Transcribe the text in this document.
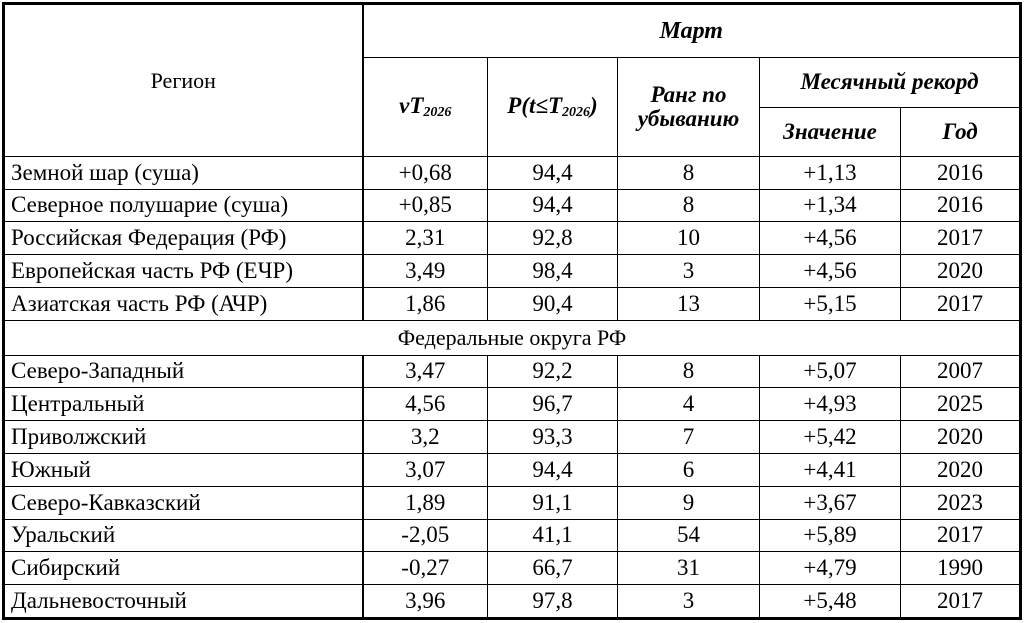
Регион	Март				
	$vT_{2026}$	$P(t\le T_{2026})$	Ранг по убыванию	Месячный рекорд	
				Значение	Год
Земной шар (суша)	+0,68	94,4	8	+1,13	2016
Северное полушарие (суша)	+0,85	94,4	8	+1,34	2016
Российская Федерация (РФ)	2,31	92,8	10	+4,56	2017
Европейская часть РФ (ЕЧР)	3,49	98,4	3	+4,56	2020
Азиатская часть РФ (АЧР)	1,86	90,4	13	+5,15	2017
Федеральные округа РФ					
Северо-Западный	3,47	92,2	8	+5,07	2007
Центральный	4,56	96,7	4	+4,93	2025
Приволжский	3,2	93,3	7	+5,42	2020
Южный	3,07	94,4	6	+4,41	2020
Северо-Кавказский	1,89	91,1	9	+3,67	2023
Уральский	-2,05	41,1	54	+5,89	2017
Сибирский	-0,27	66,7	31	+4,79	1990
Дальневосточный	3,96	97,8	3	+5,48	2017
